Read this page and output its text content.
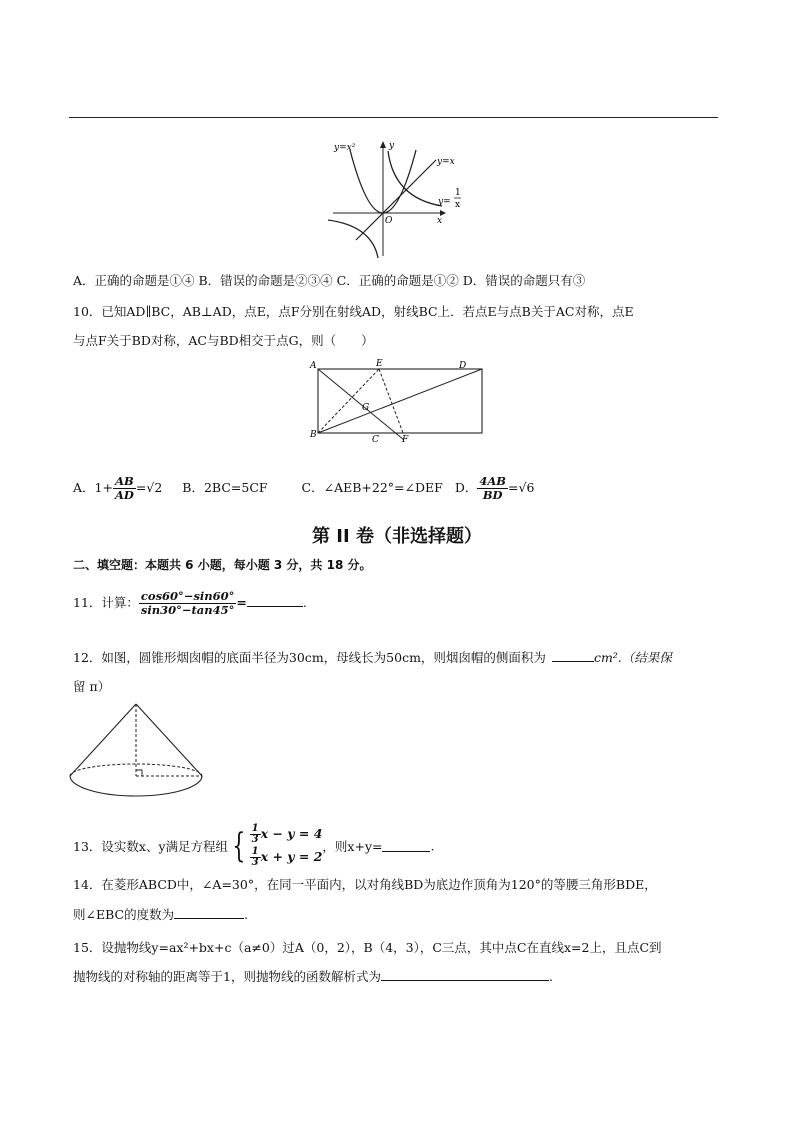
y=x²	y
y=x
y=
1
x
O	x
A．正确的命题是①④ B．错误的命题是②③④ C．正确的命题是①② D．错误的命题只有③
10．已知AD∥BC，AB⊥AD，点E，点F分别在射线AD，射线BC上．若点E与点B关于AC对称，点E
与点F关于BD对称，AC与BD相交于点G，则（　　）
A	E	D
G
B	C	F
A．$1+ \frac{AB}{AD} =√2$ B．2BC=5CF	C．∠AEB+22°=∠DEF D． $\frac{4AB}{BD} =√6$
第 II 卷（非选择题）
二、填空题：本题共 6 小题，每小题 3 分，共 18 分。
11．计算： $\frac{\cos 60^\circ-\sin 60^\circ}{\sin 30^\circ-\tan 45^\circ}$ =	.
12．如图，圆锥形烟囱帽的底面半径为30cm，母线长为50cm，则烟囱帽的侧面积为	cm².（结果保
留 π）
13．设实数x、y满足方程组 { $\frac{1}{3}$ x − y = 4
$\frac{1}{3}$ x + y = 2
，则x+y=	.
14．在菱形ABCD中，∠A=30°，在同一平面内，以对角线BD为底边作顶角为120°的等腰三角形BDE，
则∠EBC的度数为	.
15．设抛物线y=ax²+bx+c（a≠0）过A（0，2），B（4，3），C三点，其中点C在直线x=2上，且点C到
抛物线的对称轴的距离等于1，则抛物线的函数解析式为	.
